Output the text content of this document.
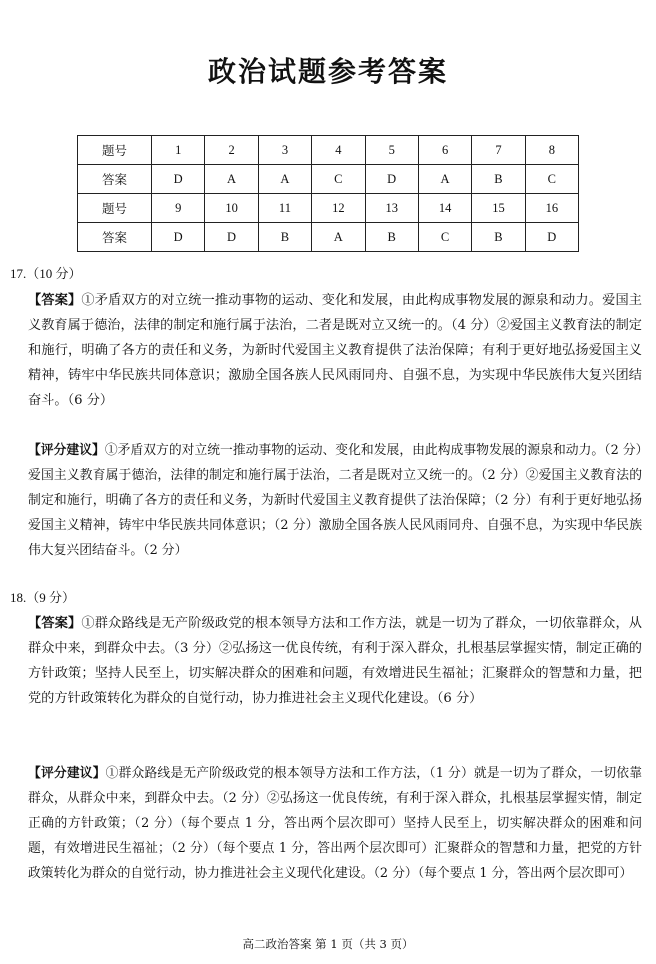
政治试题参考答案
题号	1	2	3	4	5	6	7	8
答案	D	A	A	C	D	A	B	C
题号	9	10	11	12	13	14	15	16
答案	D	D	B	A	B	C	B	D
17.（10 分）

【答案】①矛盾双方的对立统一推动事物的运动、变化和发展，由此构成事物发展的源泉和动力。爱国主义教育属于德治，法律的制定和施行属于法治，二者是既对立又统一的。（4 分）②爱国主义教育法的制定和施行，明确了各方的责任和义务，为新时代爱国主义教育提供了法治保障；有利于更好地弘扬爱国主义精神，铸牢中华民族共同体意识；激励全国各族人民风雨同舟、自强不息，为实现中华民族伟大复兴团结奋斗。（6 分）

【评分建议】①矛盾双方的对立统一推动事物的运动、变化和发展，由此构成事物发展的源泉和动力。（2 分）爱国主义教育属于德治，法律的制定和施行属于法治，二者是既对立又统一的。（2 分）②爱国主义教育法的制定和施行，明确了各方的责任和义务，为新时代爱国主义教育提供了法治保障；（2 分）有利于更好地弘扬爱国主义精神，铸牢中华民族共同体意识；（2 分）激励全国各族人民风雨同舟、自强不息，为实现中华民族伟大复兴团结奋斗。（2 分）

18.（9 分）

【答案】①群众路线是无产阶级政党的根本领导方法和工作方法，就是一切为了群众，一切依靠群众，从群众中来，到群众中去。（3 分）②弘扬这一优良传统，有利于深入群众，扎根基层掌握实情，制定正确的方针政策；坚持人民至上，切实解决群众的困难和问题，有效增进民生福祉；汇聚群众的智慧和力量，把党的方针政策转化为群众的自觉行动，协力推进社会主义现代化建设。（6 分）

【评分建议】①群众路线是无产阶级政党的根本领导方法和工作方法，（1 分）就是一切为了群众，一切依靠群众，从群众中来，到群众中去。（2 分）②弘扬这一优良传统，有利于深入群众，扎根基层掌握实情，制定正确的方针政策；（2 分）（每个要点 1 分，答出两个层次即可）坚持人民至上，切实解决群众的困难和问题，有效增进民生福祉；（2 分）（每个要点 1 分，答出两个层次即可）汇聚群众的智慧和力量，把党的方针政策转化为群众的自觉行动，协力推进社会主义现代化建设。（2 分）（每个要点 1 分，答出两个层次即可）

高二政治答案 第 1 页（共 3 页）
